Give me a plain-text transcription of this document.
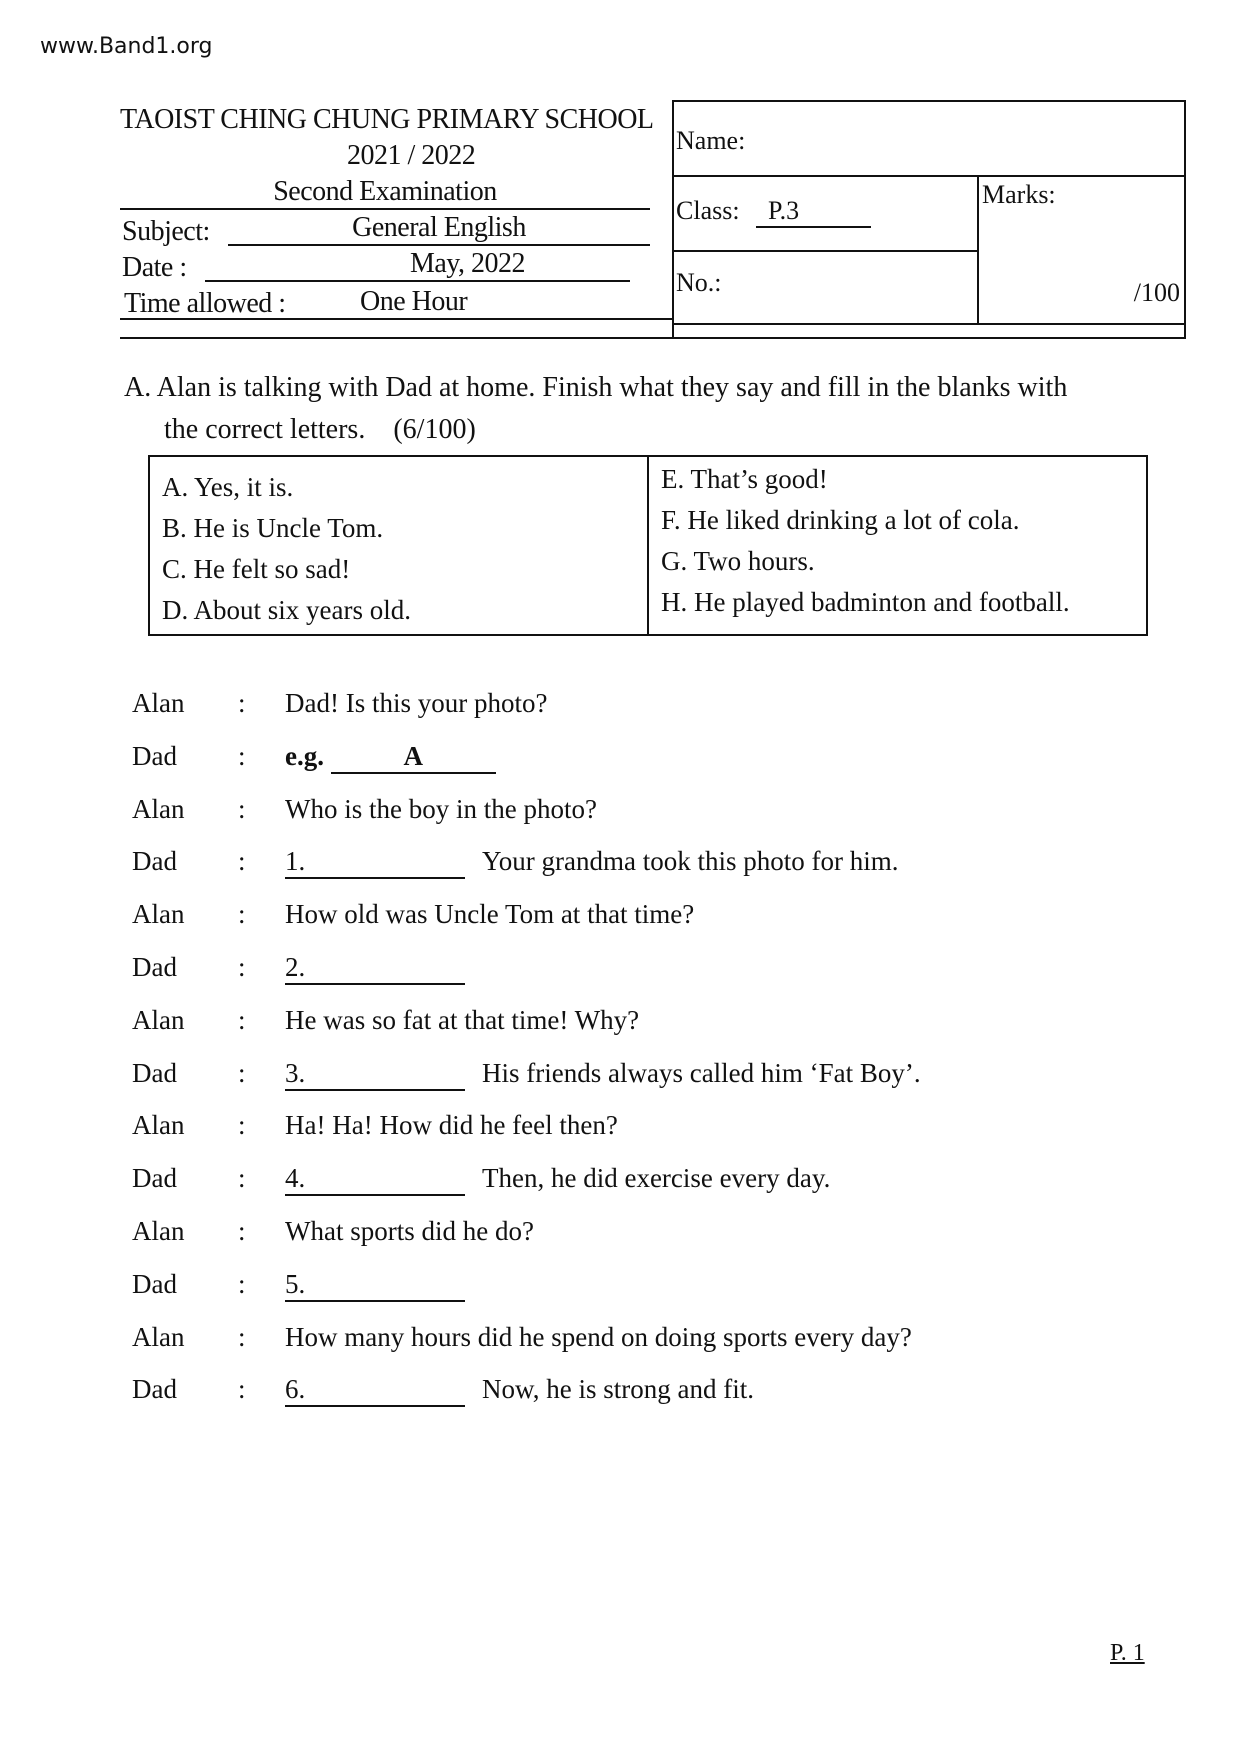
www.Band1.org
TAOIST CHING CHUNG PRIMARY SCHOOL
2021 / 2022
Second Examination
Subject:	General English
Date :	May, 2022
Time allowed :	One Hour
Name:
Class:	P.3
No.:
Marks:
/100
A. Alan is talking with Dad at home. Finish what they say and fill in the blanks with
the correct letters. (6/100)
A. Yes, it is.
B. He is Uncle Tom.
C. He felt so sad!
D. About six years old.

E. That’s good!
F. He liked drinking a lot of cola.
G. Two hours.
H. He played badminton and football.
Alan : Dad! Is this your photo?
Dad : e.g.	A
Alan : Who is the boy in the photo?
Dad : 1.	Your grandma took this photo for him.
Alan : How old was Uncle Tom at that time?
Dad : 2.
Alan : He was so fat at that time! Why?
Dad : 3.	His friends always called him ‘Fat Boy’.
Alan : Ha! Ha! How did he feel then?
Dad : 4.	Then, he did exercise every day.
Alan : What sports did he do?
Dad : 5.
Alan : How many hours did he spend on doing sports every day?
Dad : 6.	Now, he is strong and fit.
P. 1
